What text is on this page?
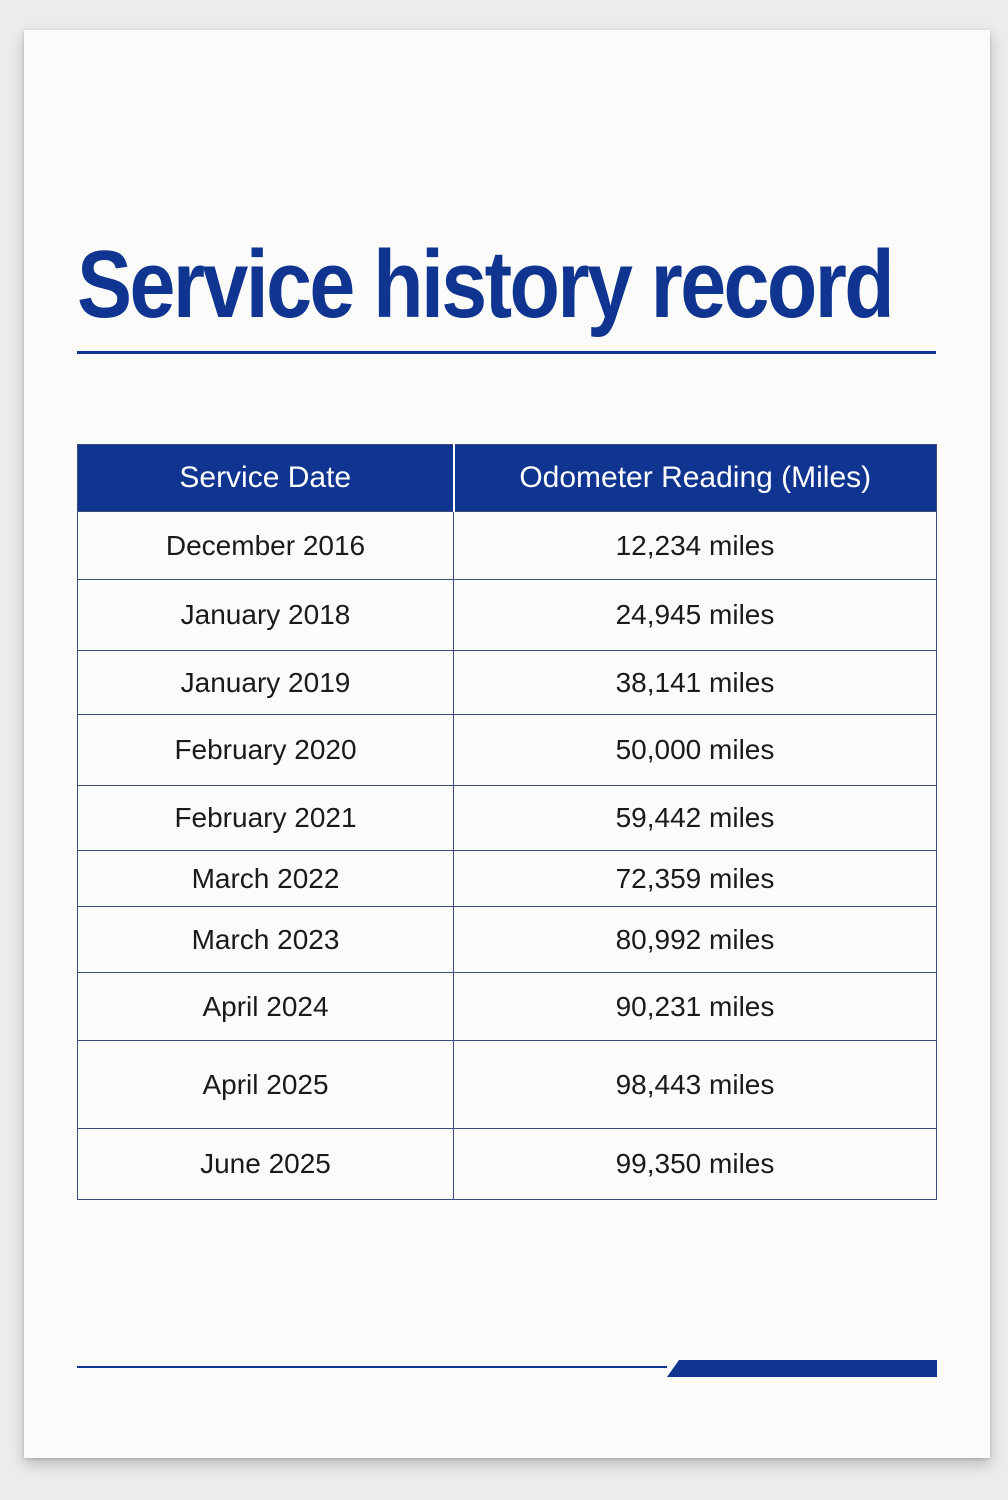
Service history record
Service Date	Odometer Reading (Miles)
December 2016	12,234 miles
January 2018	24,945 miles
January 2019	38,141 miles
February 2020	50,000 miles
February 2021	59,442 miles
March 2022	72,359 miles
March 2023	80,992 miles
April 2024	90,231 miles
April 2025	98,443 miles
June 2025	99,350 miles
